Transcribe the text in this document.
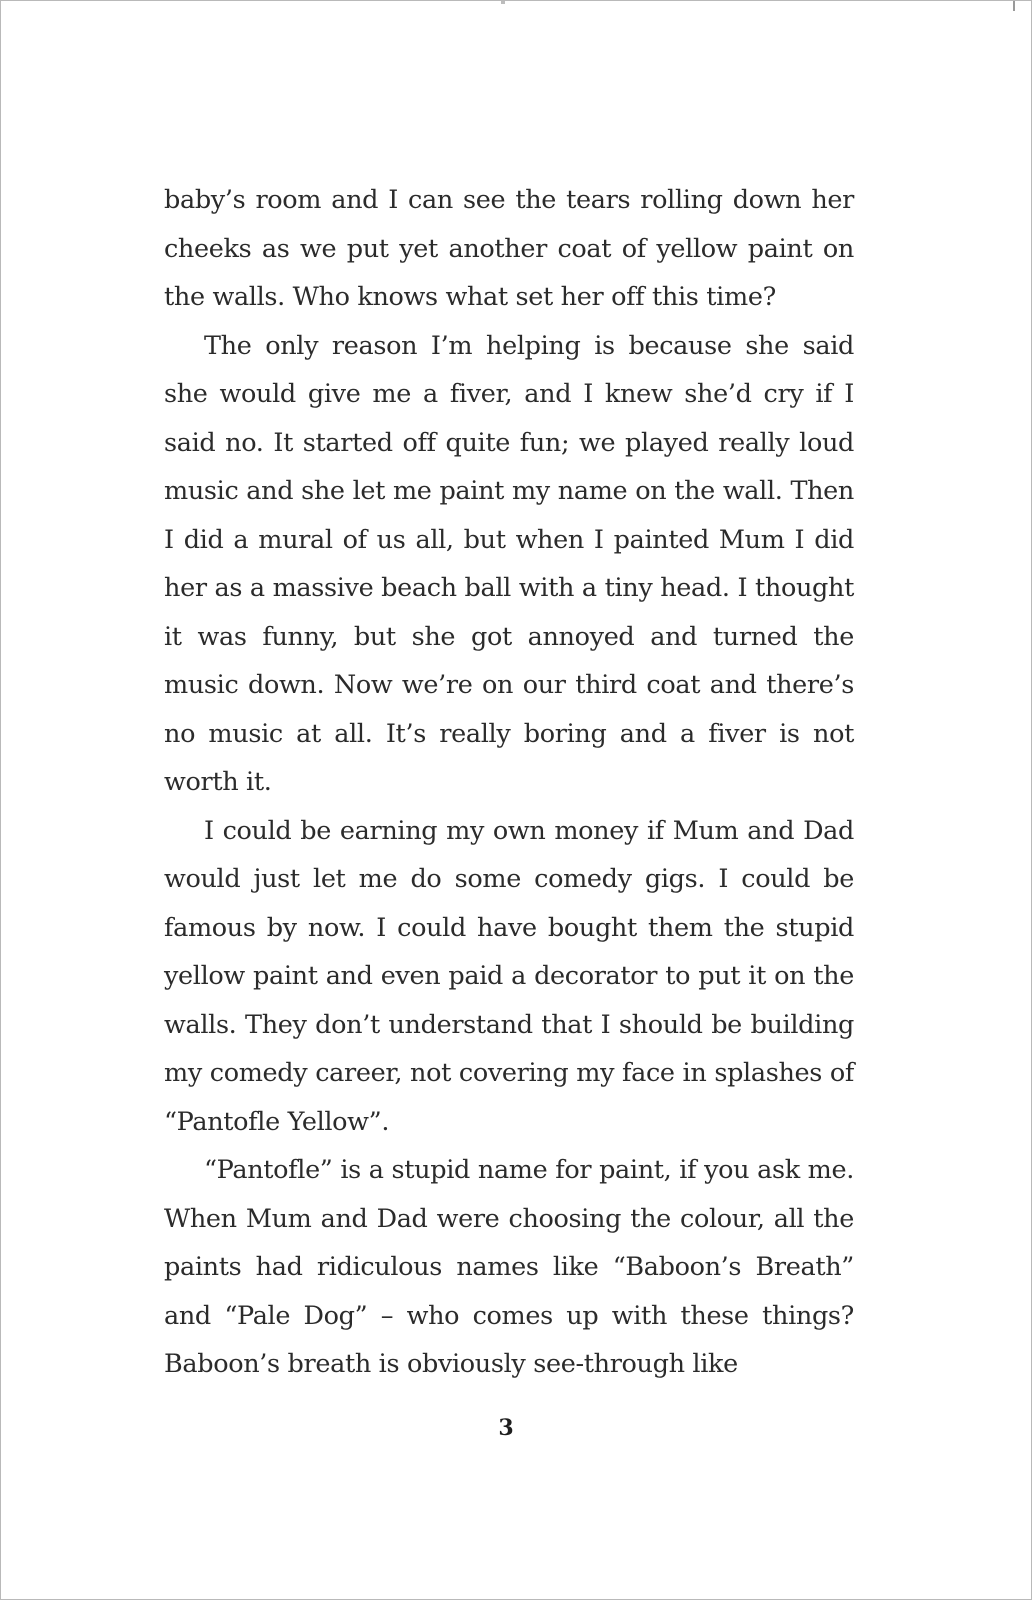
baby’s room and I can see the tears rolling down her cheeks as we put yet another coat of yellow paint on the walls. Who knows what set her off this time?

The only reason I’m helping is because she said she would give me a fiver, and I knew she’d cry if I said no. It started off quite fun; we played really loud music and she let me paint my name on the wall. Then I did a mural of us all, but when I painted Mum I did her as a massive beach ball with a tiny head. I thought it was funny, but she got annoyed and turned the music down. Now we’re on our third coat and there’s no music at all. It’s really boring and a fiver is not worth it.

I could be earning my own money if Mum and Dad would just let me do some comedy gigs. I could be famous by now. I could have bought them the stupid yellow paint and even paid a decorator to put it on the walls. They don’t understand that I should be building my comedy career, not covering my face in splashes of “Pantofle Yellow”.

“Pantofle” is a stupid name for paint, if you ask me. When Mum and Dad were choosing the colour, all the paints had ridiculous names like “Baboon’s Breath” and “Pale Dog” – who comes up with these things? Baboon’s breath is obviously see-through like

3
